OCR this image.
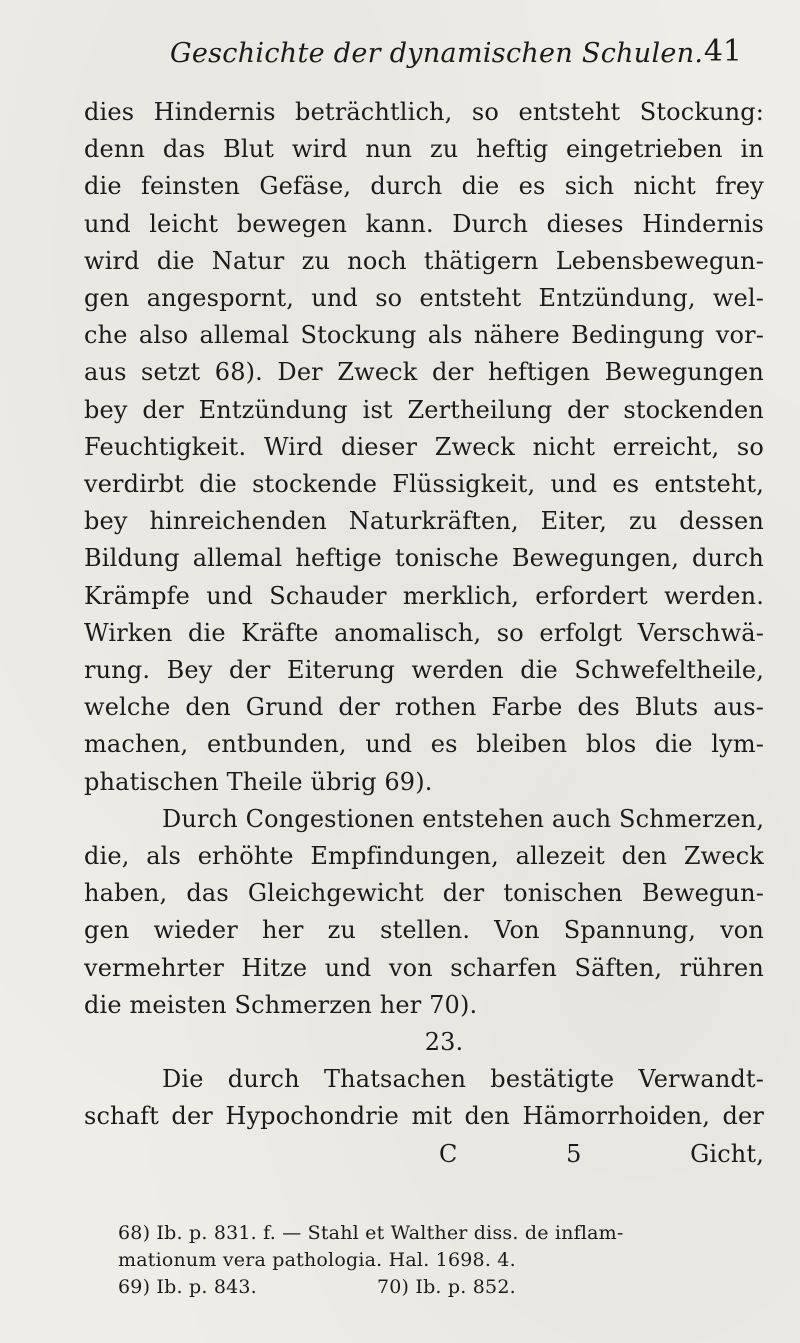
Geschichte der dynamischen Schulen. 41
dies Hindernis beträchtlich, so entsteht Stockung:
denn das Blut wird nun zu heftig eingetrieben in
die feinsten Gefäse, durch die es sich nicht frey
und leicht bewegen kann. Durch dieses Hindernis
wird die Natur zu noch thätigern Lebensbewegun-
gen angespornt, und so entsteht Entzündung, wel-
che also allemal Stockung als nähere Bedingung vor-
aus setzt 68). Der Zweck der heftigen Bewegungen
bey der Entzündung ist Zertheilung der stockenden
Feuchtigkeit. Wird dieser Zweck nicht erreicht, so
verdirbt die stockende Flüssigkeit, und es entsteht,
bey hinreichenden Naturkräften, Eiter, zu dessen
Bildung allemal heftige tonische Bewegungen, durch
Krämpfe und Schauder merklich, erfordert werden.
Wirken die Kräfte anomalisch, so erfolgt Verschwä-
rung. Bey der Eiterung werden die Schwefeltheile,
welche den Grund der rothen Farbe des Bluts aus-
machen, entbunden, und es bleiben blos die lym-
phatischen Theile übrig 69).
Durch Congestionen entstehen auch Schmerzen,
die, als erhöhte Empfindungen, allezeit den Zweck
haben, das Gleichgewicht der tonischen Bewegun-
gen wieder her zu stellen. Von Spannung, von
vermehrter Hitze und von scharfen Säften, rühren
die meisten Schmerzen her 70).
23.
Die durch Thatsachen bestätigte Verwandt-
schaft der Hypochondrie mit den Hämorrhoiden, der
C 5 Gicht,
68) Ib. p. 831. f. — Stahl et Walther diss. de inflam-
mationum vera pathologia. Hal. 1698. 4.
69) Ib. p. 843.	70) Ib. p. 852.
